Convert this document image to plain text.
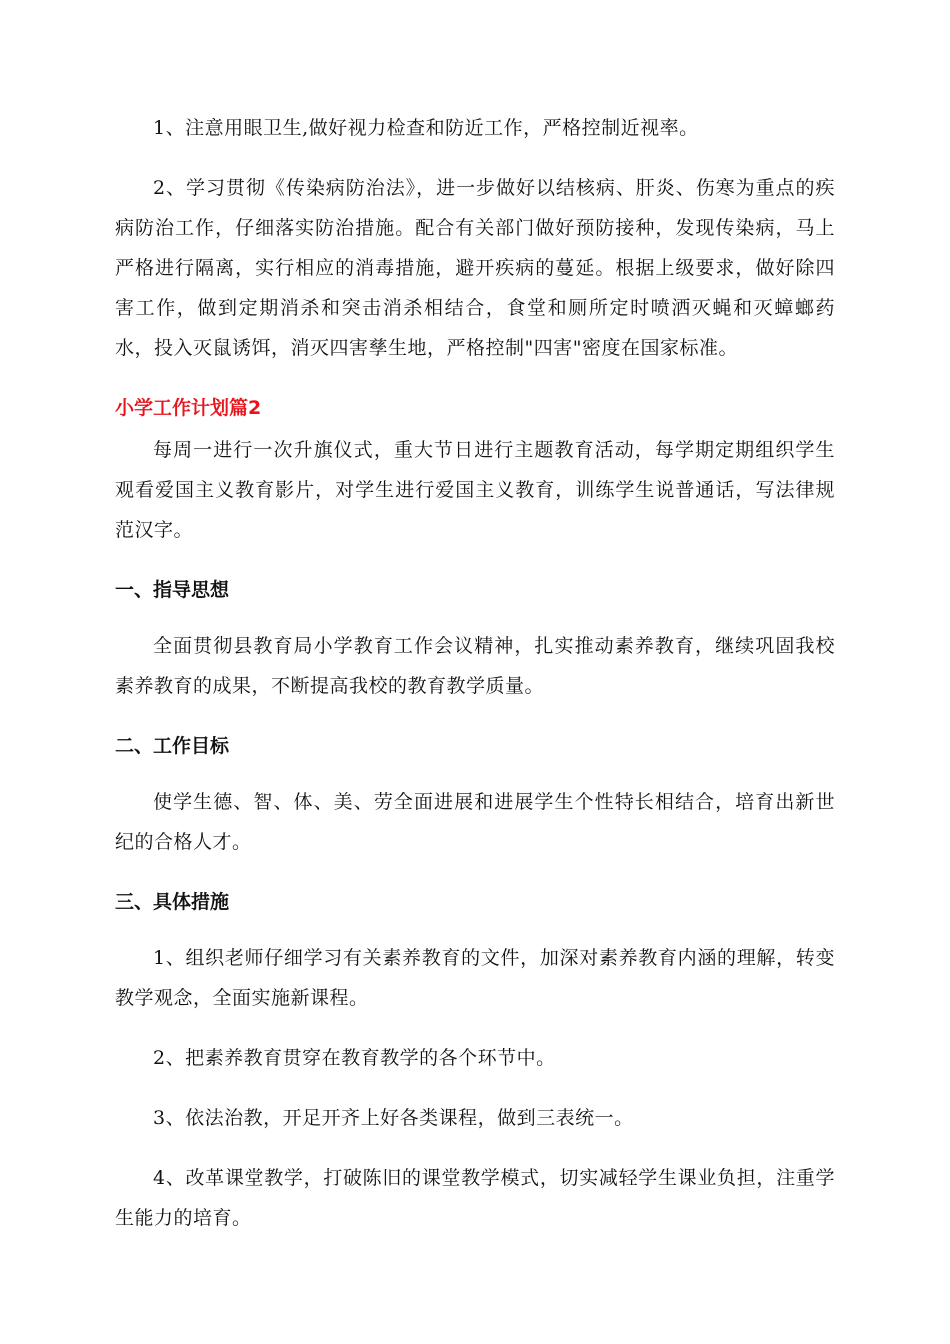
1、注意用眼卫生,做好视力检查和防近工作，严格控制近视率。

2、学习贯彻《传染病防治法》，进一步做好以结核病、肝炎、伤寒为重点的疾病防治工作，仔细落实防治措施。配合有关部门做好预防接种，发现传染病，马上严格进行隔离，实行相应的消毒措施，避开疾病的蔓延。根据上级要求，做好除四害工作，做到定期消杀和突击消杀相结合，食堂和厕所定时喷洒灭蝇和灭蟑螂药水，投入灭鼠诱饵，消灭四害孳生地，严格控制"四害"密度在国家标准。

小学工作计划篇2

每周一进行一次升旗仪式，重大节日进行主题教育活动，每学期定期组织学生观看爱国主义教育影片，对学生进行爱国主义教育，训练学生说普通话，写法律规范汉字。

一、指导思想

全面贯彻县教育局小学教育工作会议精神，扎实推动素养教育，继续巩固我校素养教育的成果，不断提高我校的教育教学质量。

二、工作目标

使学生德、智、体、美、劳全面进展和进展学生个性特长相结合，培育出新世纪的合格人才。

三、具体措施

1、组织老师仔细学习有关素养教育的文件，加深对素养教育内涵的理解，转变教学观念，全面实施新课程。

2、把素养教育贯穿在教育教学的各个环节中。

3、依法治教，开足开齐上好各类课程，做到三表统一。

4、改革课堂教学，打破陈旧的课堂教学模式，切实减轻学生课业负担，注重学生能力的培育。
